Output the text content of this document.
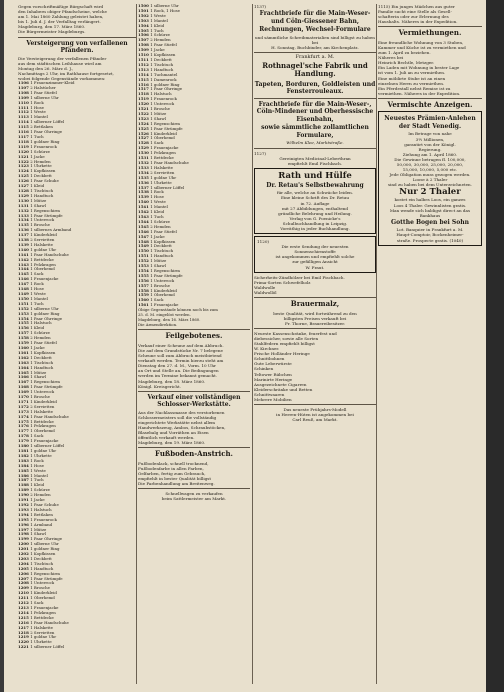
Gegen vorschriftmäßige Bürgschaft wird

den Inhabern obiger Pfandscheine, welche

am 1. Mai 1860 Zahlung geleistet haben,

bis 1. Juli d. J. der Verfalltag verlängert.

Magdeburg, den 17. März 1860.

Die Bürgermeister Magdeburgs.

Versteigerung von verfallenen Pfändern.

Die Versteigerung der verfallenen Pfänder

aus dem städtischen Leihhause wird am

Montag den 26. März d. J.,

Nachmittags 2 Uhr, im Rathhause fortgesetzt,

wobei folgende Gegenstände vorkommen:

1106 1 Frauenzimmer-Kleid

1107 2 Halstücher

1108 1 Paar Stiefel

1109 1 silberne Uhr

1110 1 Rock

1111 1 Hose

1112 1 Weste

1113 1 Mantel

1114 1 silberner Löffel

1115 2 Bettlaken

1116 1 Paar Ohrringe

1117 1 Tuch

1118 1 goldner Ring

1119 1 Frauenrock

1120 1 Schürze

1121 1 Jacke

1122 2 Hemden

1123 1 Uhrkette

1124 1 Kopfkissen

1125 1 Deckbett

1126 1 Paar Schuhe

1127 1 Kleid

1128 1 Tischtuch

1129 1 Handtuch

1130 1 Mütze

1131 1 Shawl

1132 1 Regenschirm

1133 1 Paar Strümpfe

1134 1 Unterrock

1135 1 Brosche

1136 1 silbernes Armband

1137 1 Kinderkleid

1138 2 Servietten

1139 1 Halskette

1140 1 goldne Uhr

1141 1 Paar Handschuhe

1142 1 Bettdecke

1143 1 Pelzkragen

1144 1 Oberhemd

1145 1 Sack

1146 1 Frauenjacke

1147 1 Rock

1148 1 Hose

1149 1 Weste

1150 1 Mantel

1151 1 Tuch

1152 1 silberne Uhr

1153 1 goldner Ring

1154 1 Paar Ohrringe

1155 1 Halstuch

1156 1 Kleid

1157 1 Schürze

1158 2 Hemden

1159 1 Paar Stiefel

1160 1 Jacke

1161 1 Kopfkissen

1162 1 Deckbett

1163 1 Tischtuch

1164 1 Handtuch

1165 1 Mütze

1166 1 Shawl

1167 1 Regenschirm

1168 1 Paar Strümpfe

1169 1 Unterrock

1170 1 Brosche

1171 1 Kinderkleid

1172 2 Servietten

1173 1 Halskette

1174 1 Paar Handschuhe

1175 1 Bettdecke

1176 1 Pelzkragen

1177 1 Oberhemd

1178 1 Sack

1179 1 Frauenjacke

1180 1 silberner Löffel

1181 1 goldne Uhr

1182 1 Uhrkette

1183 1 Rock

1184 1 Hose

1185 1 Weste

1186 1 Mantel

1187 1 Tuch

1188 1 Kleid

1189 1 Schürze

1190 2 Hemden

1191 1 Jacke

1192 1 Paar Schuhe

1193 1 Halstuch

1194 1 Bettlaken

1195 1 Frauenrock

1196 1 Armband

1197 1 Mütze

1198 1 Shawl

1199 1 Paar Ohrringe

1200 1 silberne Uhr

1201 1 goldner Ring

1202 1 Kopfkissen

1203 1 Deckbett

1204 1 Tischtuch

1205 1 Handtuch

1206 1 Regenschirm

1207 1 Paar Strümpfe

1208 1 Unterrock

1209 1 Brosche

1210 1 Kinderkleid

1211 1 Oberhemd

1212 1 Sack

1213 1 Frauenjacke

1214 1 Pelzkragen

1215 1 Bettdecke

1216 1 Paar Handschuhe

1217 1 Halskette

1218 2 Servietten

1219 1 goldne Uhr

1220 1 Uhrkette

1221 1 silberner Löffel

1500 1 silberne Uhr

1501 1 Rock, 1 Hose

1502 1 Weste

1503 1 Mantel

1504 1 Kleid

1505 1 Tuch

1506 1 Schürze

1507 2 Hemden

1508 1 Paar Stiefel

1509 1 Jacke

1510 1 Kopfkissen

1511 1 Deckbett

1512 1 Tischtuch

1513 1 Handtuch

1514 1 Tuchmantel

1515 1 Damenrock

1516 1 goldner Ring

1517 1 Paar Ohrringe

1518 1 Halstuch

1519 1 Frauenrock

1520 1 Unterrock

1521 1 Brosche

1522 1 Mütze

1523 1 Shawl

1524 1 Regenschirm

1525 1 Paar Strümpfe

1526 1 Kinderkleid

1527 1 Oberhemd

1528 1 Sack

1529 1 Frauenjacke

1530 1 Pelzkragen

1531 1 Bettdecke

1532 1 Paar Handschuhe

1533 1 Halskette

1534 2 Servietten

1535 1 goldne Uhr

1536 1 Uhrkette

1537 1 silberner Löffel

1538 1 Rock

1539 1 Hose

1540 1 Weste

1541 1 Mantel

1542 1 Kleid

1543 1 Tuch

1544 1 Schürze

1545 2 Hemden

1546 1 Paar Stiefel

1547 1 Jacke

1548 1 Kopfkissen

1549 1 Deckbett

1550 1 Tischtuch

1551 1 Handtuch

1552 1 Mütze

1553 1 Shawl

1554 1 Regenschirm

1555 1 Paar Strümpfe

1556 1 Unterrock

1557 1 Brosche

1558 1 Kinderkleid

1559 1 Oberhemd

1560 1 Sack

1561 1 Frauenjacke

Obige Gegenstände können noch bis zum

25. d. M. eingelöst werden.

Magdeburg, den 16. März 1860.

Die Armendirektion.

Feilgebotenes.

Verkauf einer Scheune auf dem Abbruch.

Die auf dem Grundstücke Nr. 7 belegene

Scheune soll zum Abbruch meistbietend

verkauft werden. Termin hierzu steht am

Dienstag den 27. d. M., Vorm. 10 Uhr

an Ort und Stelle an. Die Bedingungen

werden im Termine bekannt gemacht.

Magdeburg, den 18. März 1860.

Königl. Kreisgericht.

Verkauf einer vollständigen Schlosser-Werkstätte.

Aus der Nachlassmasse des verstorbenen

Schlossermeisters soll die vollständig

eingerichtete Werkstätte nebst allem

Handwerkszeug, Ambos, Schraubstöcken,

Blasebalg und Vorräthen an Eisen

öffentlich verkauft werden.

Magdeburg, den 19. März 1860.

Fußboden-Anstrich.

Fußbodenlack, schnell trocknend,

Fußbodenfarbe in allen Farben,

Oelfarben, fertig zum Gebrauch,

empfiehlt in bester Qualität billigst

Die Farbenhandlung am Breitenweg.

Schnellwagen zu verkaufen

beim Sattlermeister am Markt.

1137)

Frachtbriefe für die Main-Weser- und Cöln-Giessener Bahn,
Rechnungen, Wechsel-Formulare

und sämmtliche Schreibmaterialien sind billigst zu haben bei

H. Sonntag, Buchbinder, am Kirchenplatz.

Frankfurt a. M.
Rothnagel'sche Fabrik und Handlung.
Tapeten, Borduren, Goldleisten und Fensterrouleaux.
Frachtbriefe für die Main-Weser-, Cöln-Mindener und Oberhessische Eisenbahn,
sowie sämmtliche zollamtlichen Formulare,
Wilhelm Klee, Marktstraße.

1127)

Gereinigten Medicinal-Leberthran

empfiehlt Emil Fischbach.

Rath und Hülfe
Dr. Retau's Selbstbewahrung

für alle, welche an Schwäche leiden.

Eine kleine Schrift des Dr. Retau

in 72. Auflage

mit 27 Abbildungen, enthaltend

gründliche Belehrung und Heilung.

Verlag von G. Poenicke's

Schulbuchhandlung in Leipzig.

Vorräthig in jeder Buchhandlung.

1120)

Die erste Sendung der neuesten

Sonnenschirmstoffe

ist angekommen und empfiehlt solche

zur gefälligen Ansicht

W. Fraut.

Sicherheits-Zündhölzer bei Emil Fischbach.

Prima-Sorten Schwefelholz

Waldwolle

Waldwollöl

Brauermalz,

beste Qualität, wird fortwährend zu den

billigsten Preisen verkauft bei

Fr. Thorne, Brauereibesitzer.

Neueste Kassenschränke, feuerfest und

diebessicher, sowie alle Sorten

Stahlfedern empfiehlt billigst

W. Kirchner.

Frische Holländer Heringe

Schnittbohnen

Gute Leberwürste

Schinken

Teltower Rübchen

Marinirte Heringe

Ausgezeichnete Cigarren

Kleiderschränke und Betten

Schnittwaaren

Mehrere Mobilien

Das neueste Frühjahrs-Modell

in Herren-Hüten ist angekommen bei

Carl Reuß, am Markt.

1115) Ein junges Mädchen aus guter

Familie sucht eine Stelle als Gesell-

schafterin oder zur Erlernung des

Haushalts. Näheres in der Expedition.

Vermiethungen.

Eine freundliche Wohnung von 3 Stuben,

Kammer und Küche ist zu vermiethen und

zum 1. April zu beziehen.

Näheres bei

Heinrich Bechtle, Metzger.

Ein Laden mit Wohnung in bester Lage

ist vom 1. Juli an zu vermiethen.

Eine möblirte Stube ist an einen

einzelnen Herrn zu vermiethen.

Ein Pferdestall nebst Remise ist zu

vermiethen. Näheres in der Expedition.

Vermischte Anzeigen.
Neuestes Prämien-Anlehen der Stadt Venedig.

Im Betrage von nahe

3½ Millionen,

garantirt von der Königl.

Regierung.

Ziehung am 1. April 1860.

Die Gewinne betragen fl. 100,000,

50,000, 30,000, 25,000, 20,000,

15,000, 10,000, 5,000 etc.

Jede Obligation muss gezogen werden.

Loose à 2 Thaler

sind zu haben bei dem Unterzeichneten.

Nur 2 Thaler

kostet ein halbes Loos, ein ganzes

Loos 4 Thaler. Gewinnlisten gratis.

Man wende sich baldigst direct an das

Bankhaus

Gotthe Bogen bei Sohn
Lot. Banquier in Frankfurt a. M.

Haupt-Comptoir, Bockenheimer-

straße. Prospecte gratis. (1040)
